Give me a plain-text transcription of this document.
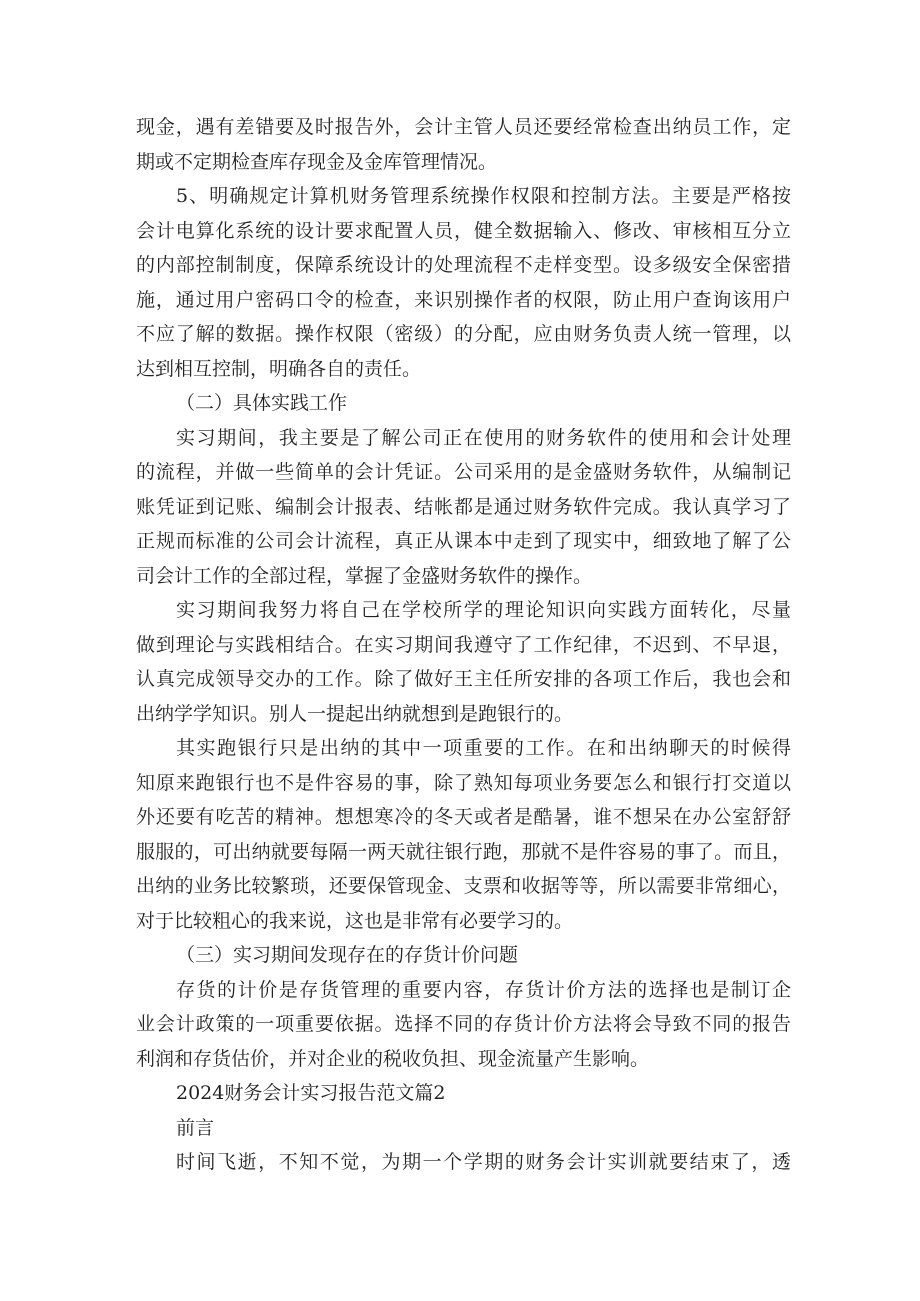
现金，遇有差错要及时报告外，会计主管人员还要经常检查出纳员工作，定
期或不定期检查库存现金及金库管理情况。
5、明确规定计算机财务管理系统操作权限和控制方法。主要是严格按
会计电算化系统的设计要求配置人员，健全数据输入、修改、审核相互分立
的内部控制制度，保障系统设计的处理流程不走样变型。设多级安全保密措
施，通过用户密码口令的检查，来识别操作者的权限，防止用户查询该用户
不应了解的数据。操作权限（密级）的分配，应由财务负责人统一管理，以
达到相互控制，明确各自的责任。
（二）具体实践工作
实习期间，我主要是了解公司正在使用的财务软件的使用和会计处理
的流程，并做一些简单的会计凭证。公司采用的是金盛财务软件，从编制记
账凭证到记账、编制会计报表、结帐都是通过财务软件完成。我认真学习了
正规而标准的公司会计流程，真正从课本中走到了现实中，细致地了解了公
司会计工作的全部过程，掌握了金盛财务软件的操作。
实习期间我努力将自己在学校所学的理论知识向实践方面转化，尽量
做到理论与实践相结合。在实习期间我遵守了工作纪律，不迟到、不早退，
认真完成领导交办的工作。除了做好王主任所安排的各项工作后，我也会和
出纳学学知识。别人一提起出纳就想到是跑银行的。
其实跑银行只是出纳的其中一项重要的工作。在和出纳聊天的时候得
知原来跑银行也不是件容易的事，除了熟知每项业务要怎么和银行打交道以
外还要有吃苦的精神。想想寒冷的冬天或者是酷暑，谁不想呆在办公室舒舒
服服的，可出纳就要每隔一两天就往银行跑，那就不是件容易的事了。而且，
出纳的业务比较繁琐，还要保管现金、支票和收据等等，所以需要非常细心，
对于比较粗心的我来说，这也是非常有必要学习的。
（三）实习期间发现存在的存货计价问题
存货的计价是存货管理的重要内容，存货计价方法的选择也是制订企
业会计政策的一项重要依据。选择不同的存货计价方法将会导致不同的报告
利润和存货估价，并对企业的税收负担、现金流量产生影响。
2024财务会计实习报告范文篇2
前言
时间飞逝，不知不觉，为期一个学期的财务会计实训就要结束了，透
